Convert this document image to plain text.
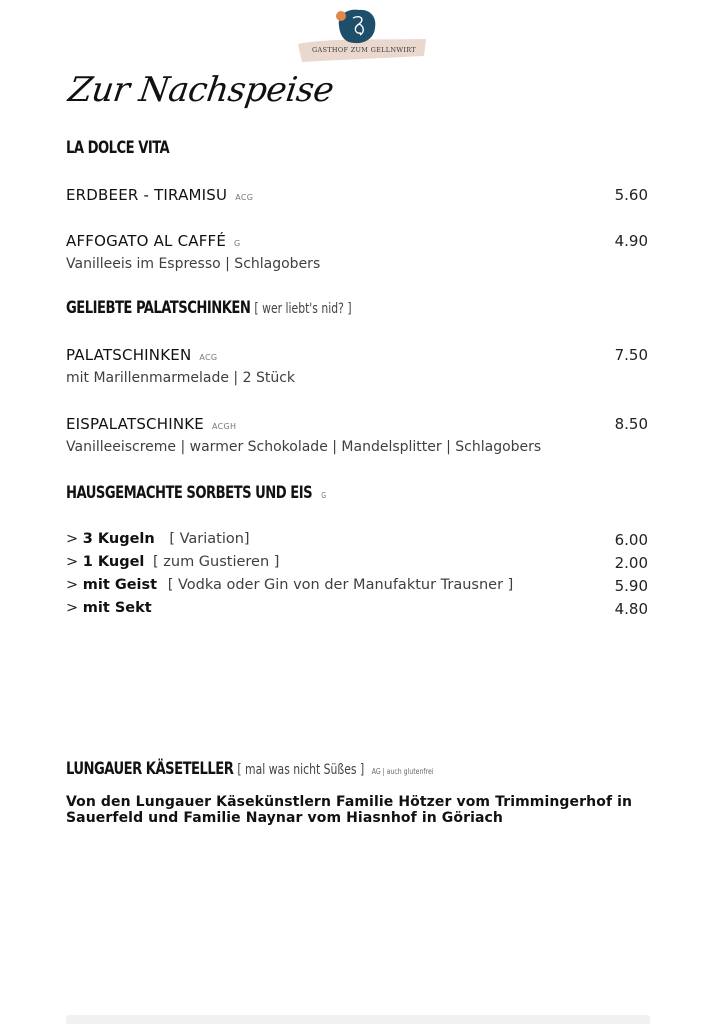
GASTHOF ZUM GELLNWIRT
Zur Nachspeise
LA DOLCE VITA
ERDBEER - TIRAMISU ACG	5.60
AFFOGATO AL CAFFÉ G	4.90
Vanilleeis im Espresso | Schlagobers
GELIEBTE PALATSCHINKEN [ wer liebt's nid? ]
PALATSCHINKEN ACG	7.50
mit Marillenmarmelade | 2 Stück
EISPALATSCHINKE ACGH	8.50
Vanilleeiscreme | warmer Schokolade | Mandelsplitter | Schlagobers
HAUSGEMACHTE SORBETS UND EIS G
> 3 Kugeln [ Variation]	6.00
> 1 Kugel [ zum Gustieren ]	2.00
> mit Geist [ Vodka oder Gin von der Manufaktur Trausner ]	5.90
> mit Sekt	4.80
LUNGAUER KÄSETELLER [ mal was nicht Süßes ] AG | auch glutenfrei
Von den Lungauer Käsekünstlern Familie Hötzer vom Trimmingerhof in Sauerfeld und Familie Naynar vom Hiasnhof in Göriach
